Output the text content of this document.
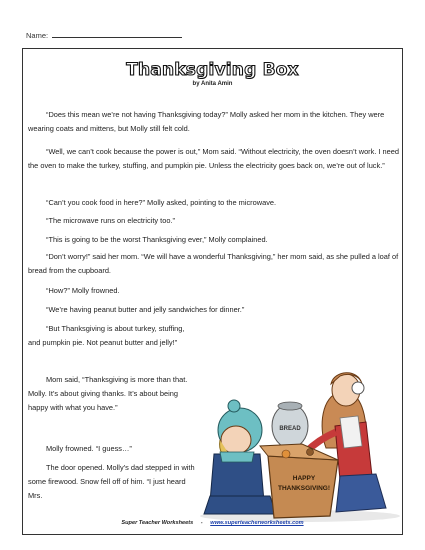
Name:
Thanksgiving Box
by Anita Amin

“Does this mean we’re not having Thanksgiving today?” Molly asked her mom in the kitchen. They were wearing coats and mittens, but Molly still felt cold.

“Well, we can’t cook because the power is out,” Mom said. “Without electricity, the oven doesn’t work. I need the oven to make the turkey, stuffing, and pumpkin pie. Unless the electricity goes back on, we’re out of luck.”

“Can’t you cook food in here?” Molly asked, pointing to the microwave.

“The microwave runs on electricity too.”

“This is going to be the worst Thanksgiving ever,” Molly complained.

“Don’t worry!” said her mom. “We will have a wonderful Thanksgiving,” her mom said, as she pulled a loaf of bread from the cupboard.

“How?” Molly frowned.

“We’re having peanut butter and jelly sandwiches for dinner.”

“But Thanksgiving is about turkey, stuffing, and pumpkin pie. Not peanut butter and jelly!”

Mom said, “Thanksgiving is more than that. Molly. It’s about giving thanks. It’s about being happy with what you have.”

Molly frowned. “I guess…”

The door opened. Molly’s dad stepped in with some firewood. Snow fell off of him. “I just heard Mrs.

BREAD
HAPPY
THANKSGIVING!
Super Teacher Worksheets - www.superteacherworksheets.com
